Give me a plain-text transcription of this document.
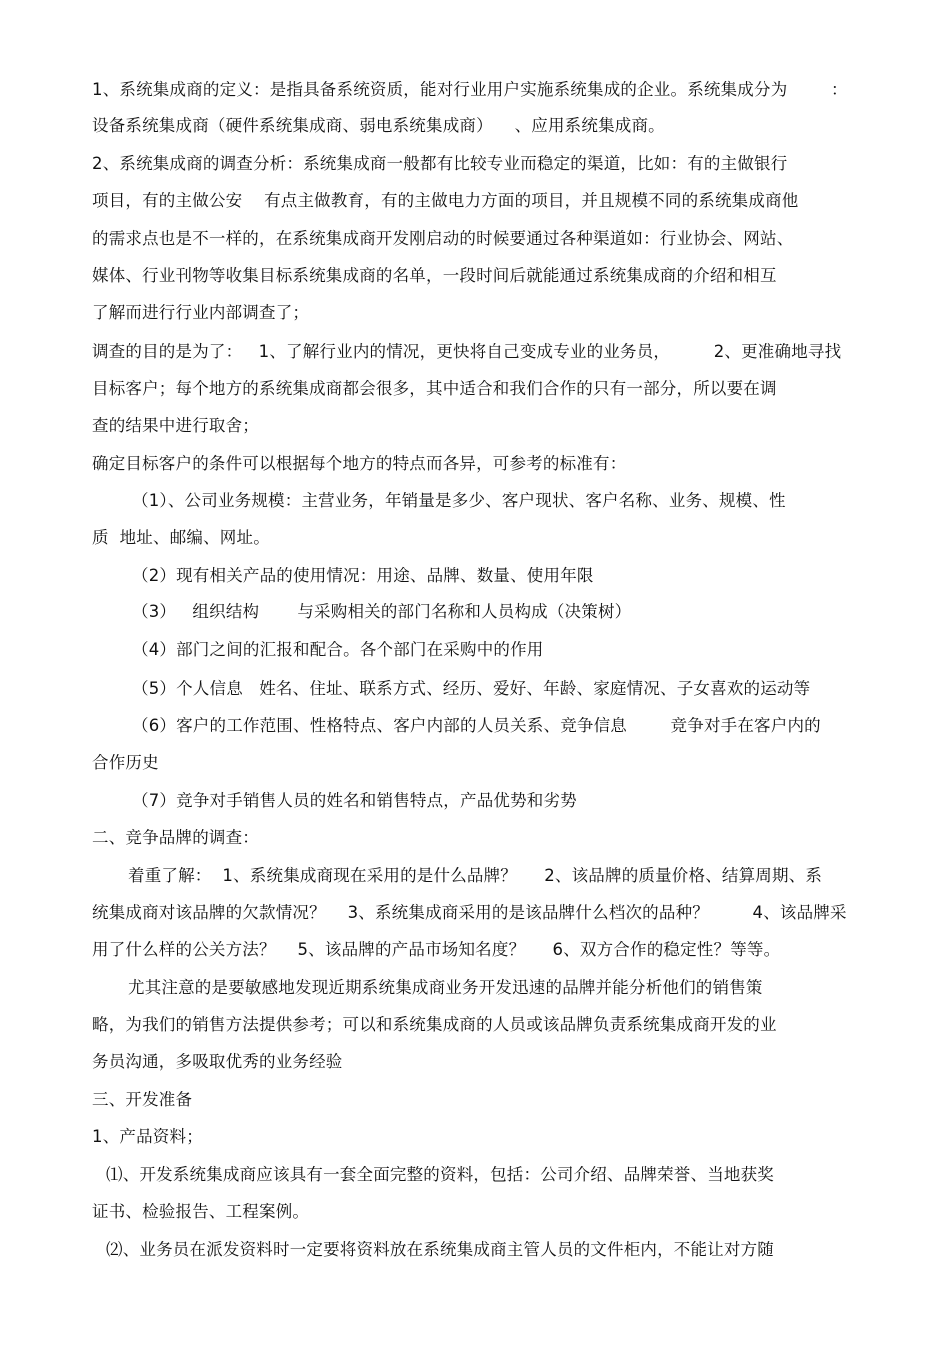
1、系统集成商的定义：是指具备系统资质，能对行业用户实施系统集成的企业。系统集成分为        ：
设备系统集成商（硬件系统集成商、弱电系统集成商）    、应用系统集成商。
2、系统集成商的调查分析：系统集成商一般都有比较专业而稳定的渠道，比如：有的主做银行
项目，有的主做公安    有点主做教育，有的主做电力方面的项目，并且规模不同的系统集成商他
的需求点也是不一样的，在系统集成商开发刚启动的时候要通过各种渠道如：行业协会、网站、
媒体、行业刊物等收集目标系统集成商的名单，一段时间后就能通过系统集成商的介绍和相互
了解而进行行业内部调查了；
调查的目的是为了：   1、了解行业内的情况，更快将自己变成专业的业务员，        2、更准确地寻找
目标客户；每个地方的系统集成商都会很多，其中适合和我们合作的只有一部分，所以要在调
查的结果中进行取舍；
确定目标客户的条件可以根据每个地方的特点而各异，可参考的标准有：
（1）、公司业务规模：主营业务，年销量是多少、客户现状、客户名称、业务、规模、性
质  地址、邮编、网址。
（2）现有相关产品的使用情况：用途、品牌、数量、使用年限
（3）   组织结构       与采购相关的部门名称和人员构成（决策树）
（4）部门之间的汇报和配合。各个部门在采购中的作用
（5）个人信息   姓名、住址、联系方式、经历、爱好、年龄、家庭情况、子女喜欢的运动等
（6）客户的工作范围、性格特点、客户内部的人员关系、竞争信息        竞争对手在客户内的
合作历史
（7）竞争对手销售人员的姓名和销售特点，产品优势和劣势
二、竞争品牌的调查：
着重了解：  1、系统集成商现在采用的是什么品牌？     2、该品牌的质量价格、结算周期、系
统集成商对该品牌的欠款情况？    3、系统集成商采用的是该品牌什么档次的品种？        4、该品牌采
用了什么样的公关方法？    5、该品牌的产品市场知名度？     6、双方合作的稳定性？等等。
尤其注意的是要敏感地发现近期系统集成商业务开发迅速的品牌并能分析他们的销售策
略，为我们的销售方法提供参考；可以和系统集成商的人员或该品牌负责系统集成商开发的业
务员沟通，多吸取优秀的业务经验
三、开发准备
1、产品资料；
⑴、开发系统集成商应该具有一套全面完整的资料，包括：公司介绍、品牌荣誉、当地获奖
证书、检验报告、工程案例。
⑵、业务员在派发资料时一定要将资料放在系统集成商主管人员的文件柜内，不能让对方随
